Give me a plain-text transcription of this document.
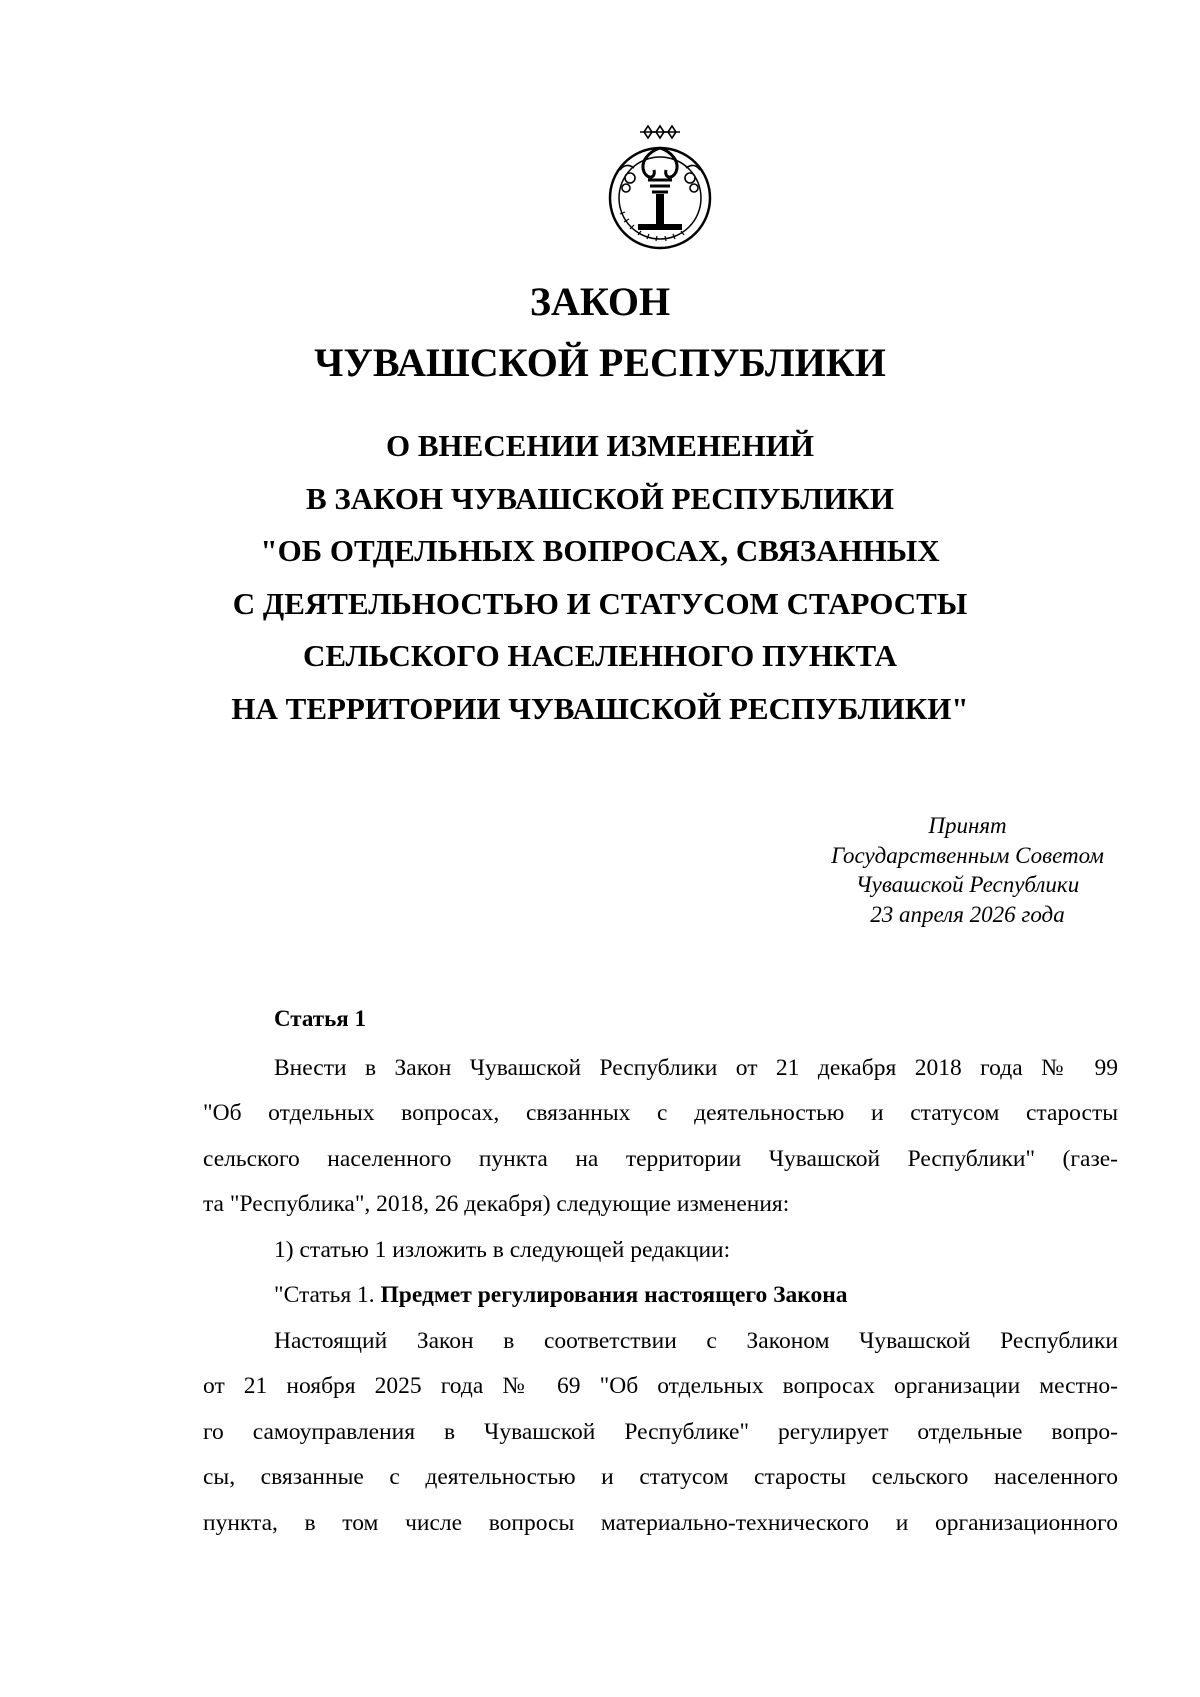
ЗАКОН
ЧУВАШСКОЙ РЕСПУБЛИКИ
О ВНЕСЕНИИ ИЗМЕНЕНИЙ
В ЗАКОН ЧУВАШСКОЙ РЕСПУБЛИКИ
"ОБ ОТДЕЛЬНЫХ ВОПРОСАХ, СВЯЗАННЫХ
С ДЕЯТЕЛЬНОСТЬЮ И СТАТУСОМ СТАРОСТЫ
СЕЛЬСКОГО НАСЕЛЕННОГО ПУНКТА
НА ТЕРРИТОРИИ ЧУВАШСКОЙ РЕСПУБЛИКИ"
Принят
Государственным Советом
Чувашской Республики
23 апреля 2026 года
Статья 1
Внести в Закон Чувашской Республики от 21 декабря 2018 года № 99
"Об отдельных вопросах, связанных с деятельностью и статусом старосты
сельского населенного пункта на территории Чувашской Республики" (газе-
та "Республика", 2018, 26 декабря) следующие изменения:
1) статью 1 изложить в следующей редакции:
"Статья 1. Предмет регулирования настоящего Закона
Настоящий Закон в соответствии с Законом Чувашской Республики
от 21 ноября 2025 года № 69 "Об отдельных вопросах организации местно-
го самоуправления в Чувашской Республике" регулирует отдельные вопро-
сы, связанные с деятельностью и статусом старосты сельского населенного
пункта, в том числе вопросы материально-технического и организационного
